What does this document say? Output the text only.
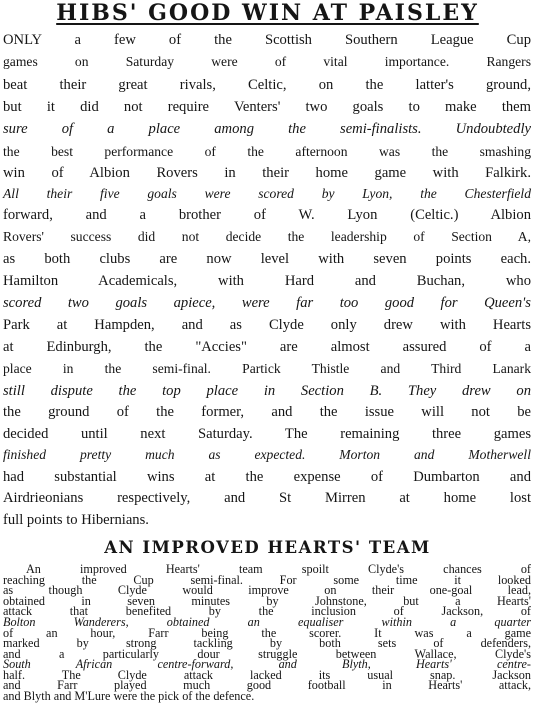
HIBS' GOOD WIN AT PAISLEY
ONLY a few of the Scottish Southern League Cup
games on Saturday were of vital importance. Rangers
beat their great rivals, Celtic, on the latter's ground,
but it did not require Venters' two goals to make them
sure of a place among the semi-finalists. Undoubtedly
the best performance of the afternoon was the smashing
win of Albion Rovers in their home game with Falkirk.
All their five goals were scored by Lyon, the Chesterfield
forward, and a brother of W. Lyon (Celtic.) Albion
Rovers' success did not decide the leadership of Section A,
as both clubs are now level with seven points each.
Hamilton Academicals, with Hard and Buchan, who
scored two goals apiece, were far too good for Queen's
Park at Hampden, and as Clyde only drew with Hearts
at Edinburgh, the "Accies" are almost assured of a
place in the semi-final. Partick Thistle and Third Lanark
still dispute the top place in Section B. They drew on
the ground of the former, and the issue will not be
decided until next Saturday. The remaining three games
finished pretty much as expected. Morton and Motherwell
had substantial wins at the expense of Dumbarton and
Airdrieonians respectively, and St Mirren at home lost
full points to Hibernians.
AN IMPROVED HEARTS' TEAM
An improved Hearts' team spoilt Clyde's chances of
reaching the Cup semi-final. For some time it looked
as though Clyde would improve on their one-goal lead,
obtained in seven minutes by Johnstone, but a Hearts'
attack that benefited by the inclusion of Jackson, of
Bolton Wanderers, obtained an equaliser within a quarter
of an hour, Farr being the scorer. It was a game
marked by strong tackling by both sets of defenders,
and a particularly dour struggle between Wallace, Clyde's
South African centre-forward, and Blyth, Hearts' centre-
half. The Clyde attack lacked its usual snap. Jackson
and Farr played much good football in Hearts' attack,
and Blyth and M'Lure were the pick of the defence.
